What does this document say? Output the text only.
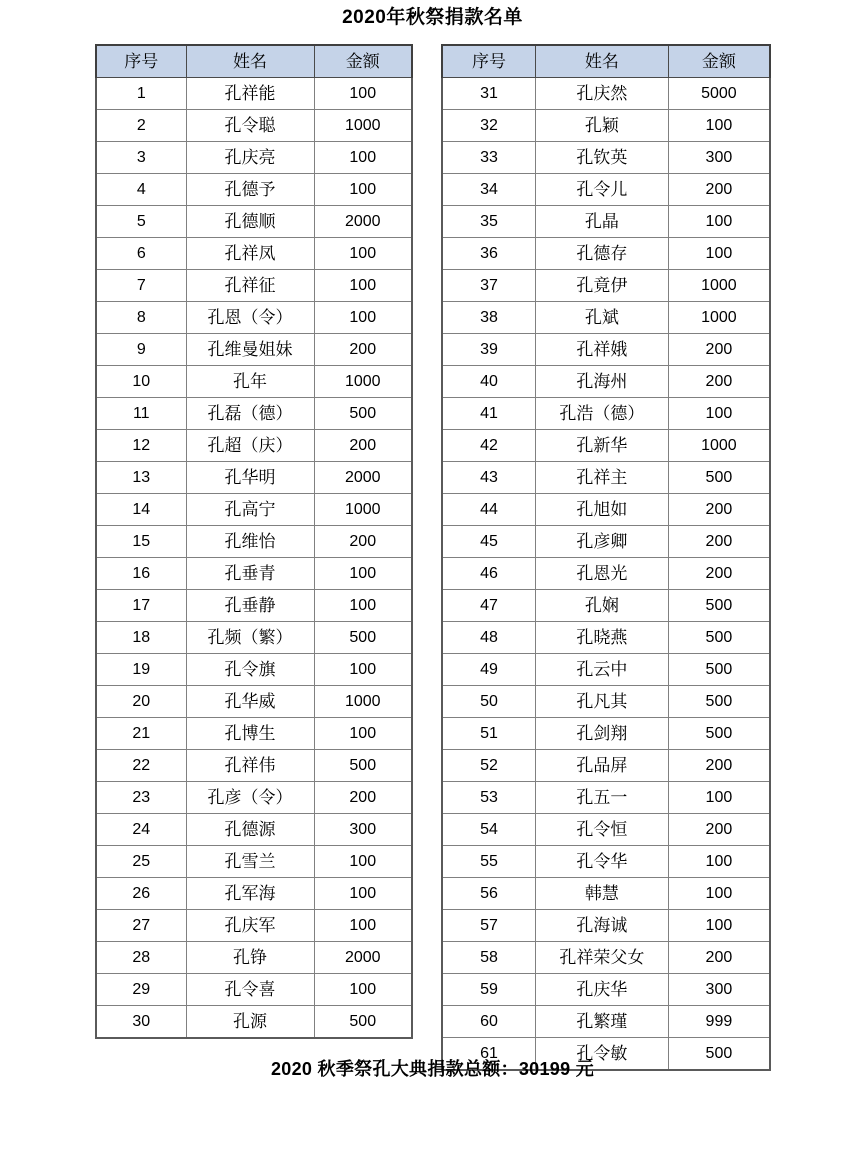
2020年秋祭捐款名单
序号	姓名	金额
1	孔祥能	100
2	孔令聪	1000
3	孔庆亮	100
4	孔德予	100
5	孔德顺	2000
6	孔祥凤	100
7	孔祥征	100
8	孔恩（令）	100
9	孔维曼姐妹	200
10	孔年	1000
11	孔磊（德）	500
12	孔超（庆）	200
13	孔华明	2000
14	孔高宁	1000
15	孔维怡	200
16	孔垂青	100
17	孔垂静	100
18	孔频（繁）	500
19	孔令旗	100
20	孔华威	1000
21	孔博生	100
22	孔祥伟	500
23	孔彦（令）	200
24	孔德源	300
25	孔雪兰	100
26	孔军海	100
27	孔庆军	100
28	孔铮	2000
29	孔令喜	100
30	孔源	500
序号	姓名	金额
31	孔庆然	5000
32	孔颖	100
33	孔钦英	300
34	孔令儿	200
35	孔晶	100
36	孔德存	100
37	孔竟伊	1000
38	孔斌	1000
39	孔祥娥	200
40	孔海州	200
41	孔浩（德）	100
42	孔新华	1000
43	孔祥主	500
44	孔旭如	200
45	孔彦卿	200
46	孔恩光	200
47	孔娴	500
48	孔晓燕	500
49	孔云中	500
50	孔凡其	500
51	孔剑翔	500
52	孔品屏	200
53	孔五一	100
54	孔令恒	200
55	孔令华	100
56	韩慧	100
57	孔海诚	100
58	孔祥荣父女	200
59	孔庆华	300
60	孔繁瑾	999
61	孔令敏	500
2020 秋季祭孔大典捐款总额：30199 元
